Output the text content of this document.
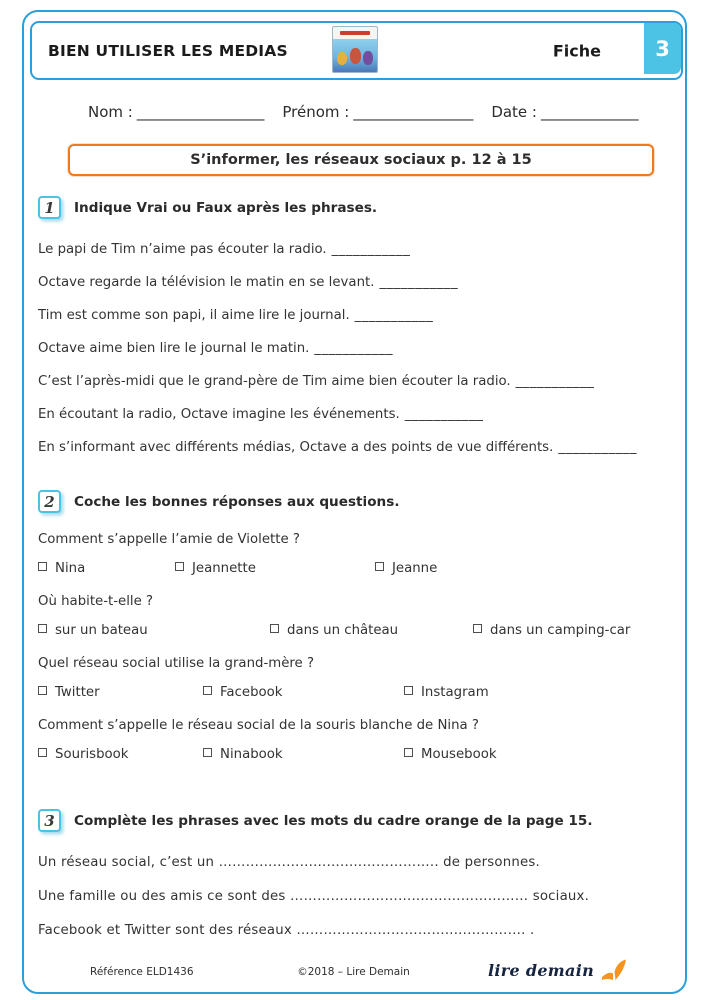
BIEN UTILISER LES MEDIAS	Fiche	3
Nom : _________________ Prénom : ________________ Date : _____________
S’informer, les réseaux sociaux p. 12 à 15
1	Indique Vrai ou Faux après les phrases.
Le papi de Tim n’aime pas écouter la radio. ___________
Octave regarde la télévision le matin en se levant. ___________
Tim est comme son papi, il aime lire le journal. ___________
Octave aime bien lire le journal le matin. ___________
C’est l’après-midi que le grand-père de Tim aime bien écouter la radio. ___________
En écoutant la radio, Octave imagine les événements. ___________
En s’informant avec différents médias, Octave a des points de vue différents. ___________
2	Coche les bonnes réponses aux questions.
Comment s’appelle l’amie de Violette ?
Nina	Jeannette	Jeanne
Où habite-t-elle ?
sur un bateau	dans un château	dans un camping-car
Quel réseau social utilise la grand-mère ?
Twitter	Facebook	Instagram
Comment s’appelle le réseau social de la souris blanche de Nina ?
Sourisbook	Ninabook	Mousebook
3	Complète les phrases avec les mots du cadre orange de la page 15.
Un réseau social, c’est un ………………………..……………….. de personnes.
Une famille ou des amis ce sont des ………………………..…………………… sociaux.
Facebook et Twitter sont des réseaux ……………………………..……………. .
Référence ELD1436	©2018 – Lire Demain	lire demain
